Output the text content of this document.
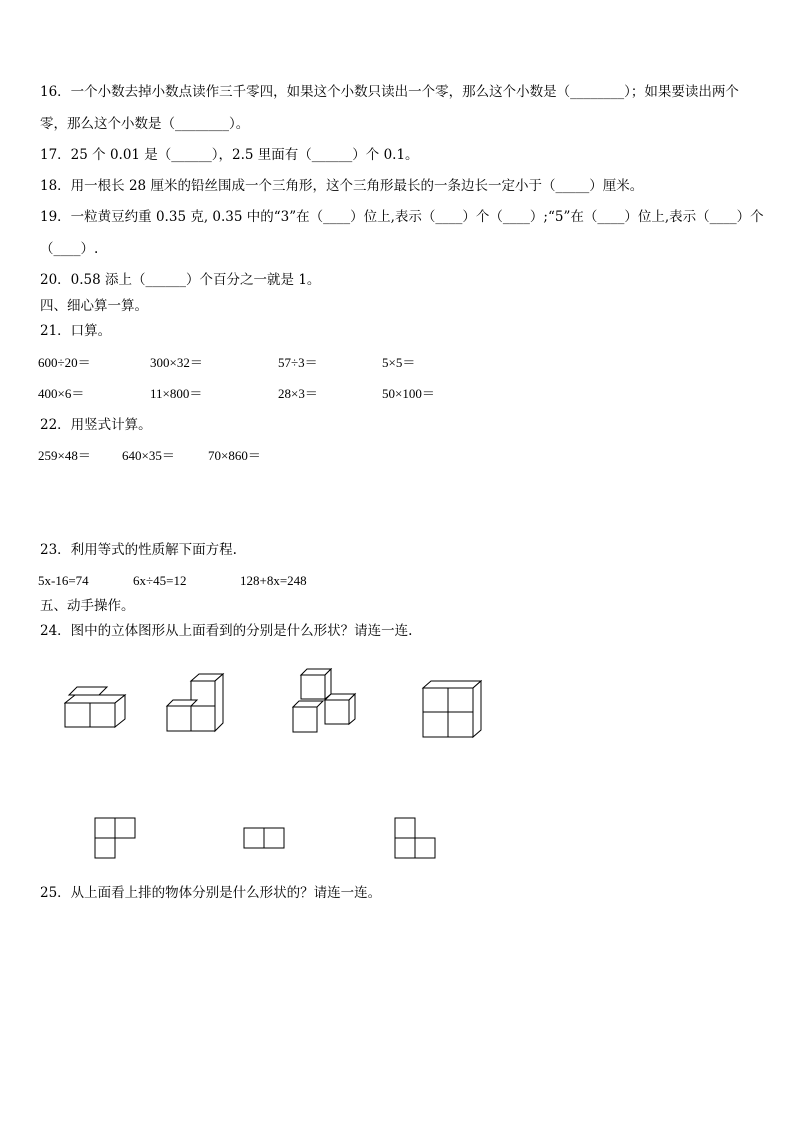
16．一个小数去掉小数点读作三千零四，如果这个小数只读出一个零，那么这个小数是（________）；如果要读出两个
零，那么这个小数是（________）。
17．25 个 0.01 是（______），2.5 里面有（______）个 0.1。
18．用一根长 28 厘米的铅丝围成一个三角形，这个三角形最长的一条边长一定小于（_____）厘米。
19．一粒黄豆约重 0.35 克, 0.35 中的“3”在（____）位上,表示（____）个（____）;“5”在（____）位上,表示（____）个
（____）.
20．0.58 添上（______）个百分之一就是 1。
四、细心算一算。
21．口算。
600÷20＝	300×32＝	57÷3＝	5×5＝
400×6＝	11×800＝	28×3＝	50×100＝
22．用竖式计算。
259×48＝ 640×35＝	70×860＝
23．利用等式的性质解下面方程.
5x-16=74	6x÷45=12	128+8x=248
五、动手操作。
24．图中的立体图形从上面看到的分别是什么形状？请连一连.
25．从上面看上排的物体分别是什么形状的？请连一连。
